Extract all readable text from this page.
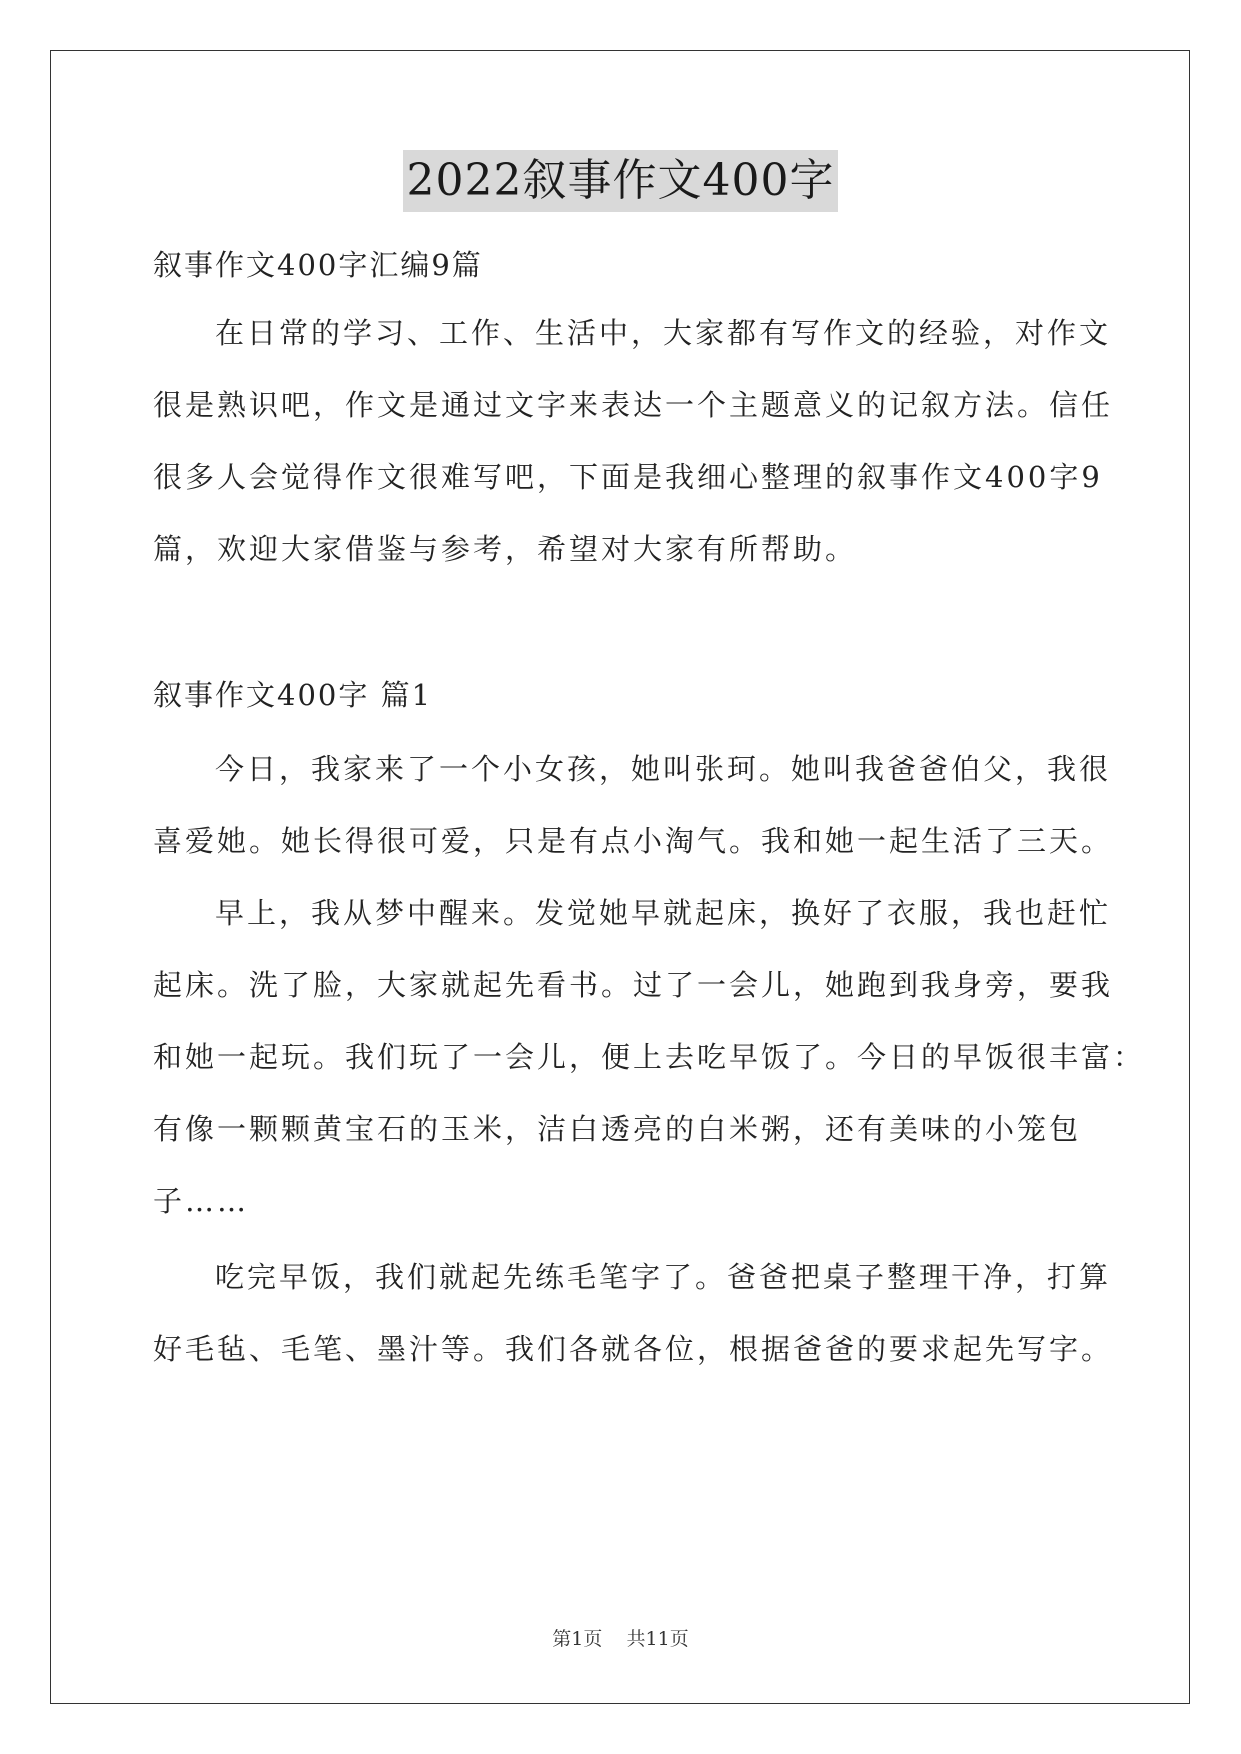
2022叙事作文400字
叙事作文400字汇编9篇
在日常的学习、工作、生活中，大家都有写作文的经验，对作文
很是熟识吧，作文是通过文字来表达一个主题意义的记叙方法。信任
很多人会觉得作文很难写吧，下面是我细心整理的叙事作文400字9
篇，欢迎大家借鉴与参考，希望对大家有所帮助。
叙事作文400字 篇1
今日，我家来了一个小女孩，她叫张珂。她叫我爸爸伯父，我很
喜爱她。她长得很可爱，只是有点小淘气。我和她一起生活了三天。
早上，我从梦中醒来。发觉她早就起床，换好了衣服，我也赶忙
起床。洗了脸，大家就起先看书。过了一会儿，她跑到我身旁，要我
和她一起玩。我们玩了一会儿，便上去吃早饭了。今日的早饭很丰富：
有像一颗颗黄宝石的玉米，洁白透亮的白米粥，还有美味的小笼包
子……
吃完早饭，我们就起先练毛笔字了。爸爸把桌子整理干净，打算
好毛毡、毛笔、墨汁等。我们各就各位，根据爸爸的要求起先写字。
第1页    共11页
